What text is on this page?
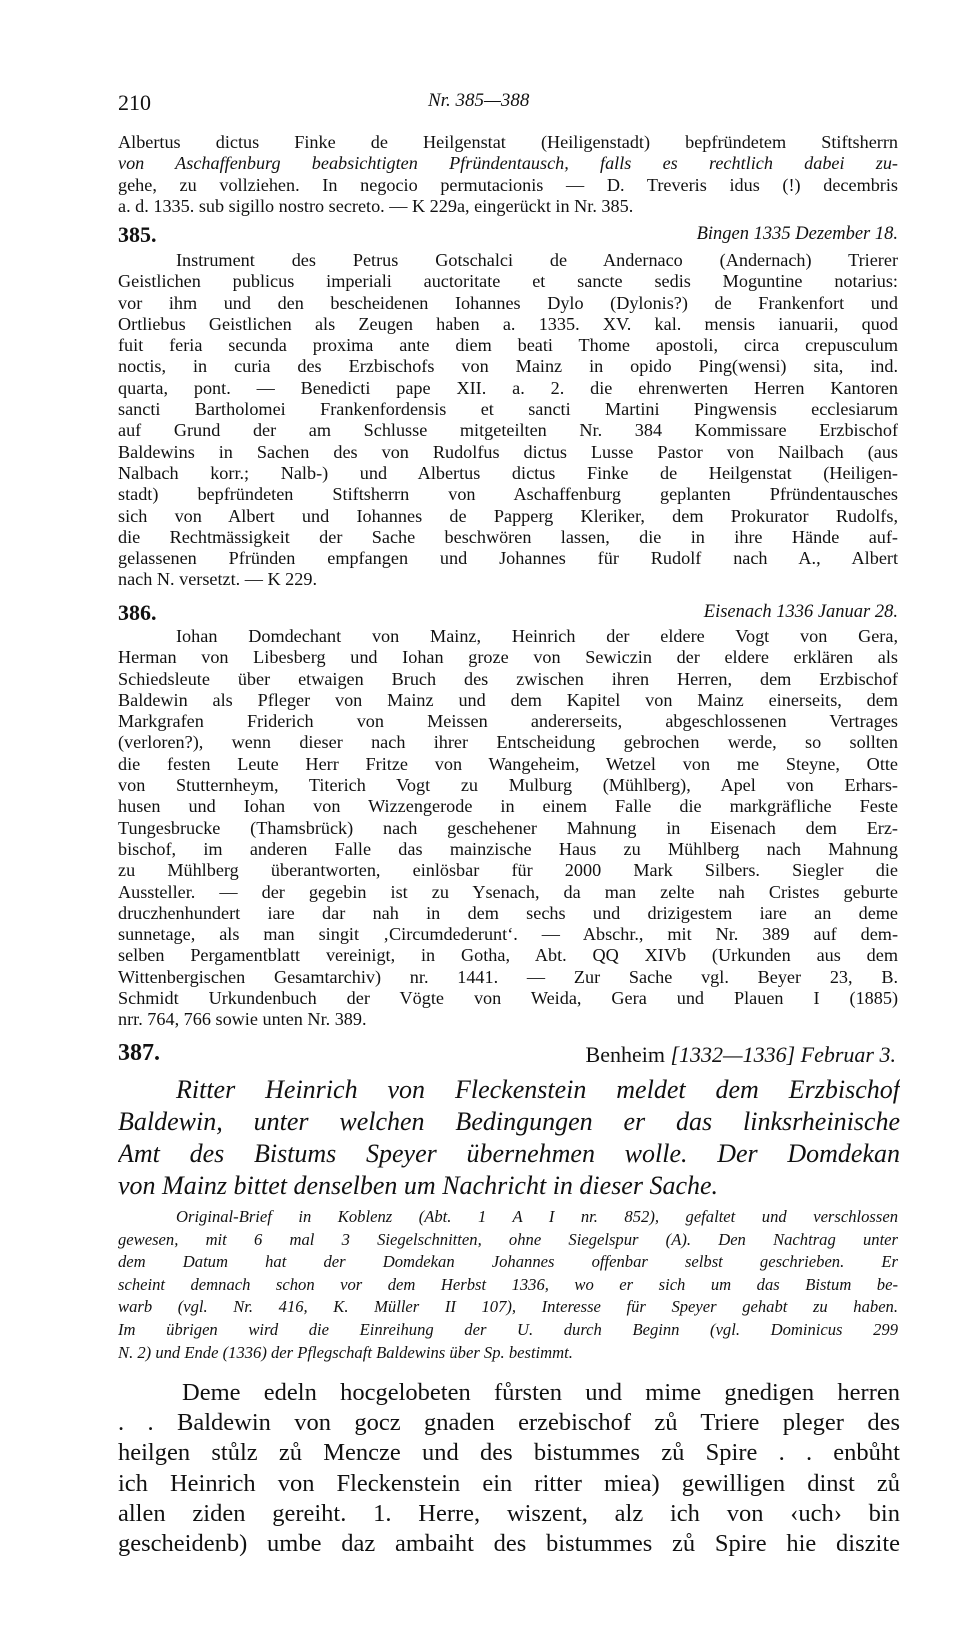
210	Nr. 385—388
Albertus dictus Finke de Heilgenstat (Heiligenstadt) bepfründetem Stiftsherrn
von Aschaffenburg beabsichtigten Pfründentausch, falls es rechtlich dabei zu-
gehe, zu vollziehen. In negocio permutacionis — D. Treveris idus (!) decembris
a. d. 1335. sub sigillo nostro secreto. — K 229a, eingerückt in Nr. 385.
385.	Bingen 1335 Dezember 18.
Instrument des Petrus Gotschalci de Andernaco (Andernach) Trierer
Geistlichen publicus imperiali auctoritate et sancte sedis Moguntine notarius:
vor ihm und den bescheidenen Iohannes Dylo (Dylonis?) de Frankenfort und
Ortliebus Geistlichen als Zeugen haben a. 1335. XV. kal. mensis ianuarii, quod
fuit feria secunda proxima ante diem beati Thome apostoli, circa crepusculum
noctis, in curia des Erzbischofs von Mainz in opido Ping(wensi) sita, ind.
quarta, pont. — Benedicti pape XII. a. 2. die ehrenwerten Herren Kantoren
sancti Bartholomei Frankenfordensis et sancti Martini Pingwensis ecclesiarum
auf Grund der am Schlusse mitgeteilten Nr. 384 Kommissare Erzbischof
Baldewins in Sachen des von Rudolfus dictus Lusse Pastor von Nailbach (aus
Nalbach korr.; Nalb-) und Albertus dictus Finke de Heilgenstat (Heiligen-
stadt) bepfründeten Stiftsherrn von Aschaffenburg geplanten Pfründentausches
sich von Albert und Iohannes de Papperg Kleriker, dem Prokurator Rudolfs,
die Rechtmässigkeit der Sache beschwören lassen, die in ihre Hände auf-
gelassenen Pfründen empfangen und Johannes für Rudolf nach A., Albert
nach N. versetzt. — K 229.
386.	Eisenach 1336 Januar 28.
Iohan Domdechant von Mainz, Heinrich der eldere Vogt von Gera,
Herman von Libesberg und Iohan groze von Sewiczin der eldere erklären als
Schiedsleute über etwaigen Bruch des zwischen ihren Herren, dem Erzbischof
Baldewin als Pfleger von Mainz und dem Kapitel von Mainz einerseits, dem
Markgrafen Friderich von Meissen andererseits, abgeschlossenen Vertrages
(verloren?), wenn dieser nach ihrer Entscheidung gebrochen werde, so sollten
die festen Leute Herr Fritze von Wangeheim, Wetzel von me Steyne, Otte
von Stutternheym, Titerich Vogt zu Mulburg (Mühlberg), Apel von Erhars-
husen und Iohan von Wizzengerode in einem Falle die markgräfliche Feste
Tungesbrucke (Thamsbrück) nach geschehener Mahnung in Eisenach dem Erz-
bischof, im anderen Falle das mainzische Haus zu Mühlberg nach Mahnung
zu Mühlberg überantworten, einlösbar für 2000 Mark Silbers. Siegler die
Aussteller. — der gegebin ist zu Ysenach, da man zelte nah Cristes geburte
druczhenhundert iare dar nah in dem sechs und drizigestem iare an deme
sunnetage, als man singit ‚Circumdederunt‘. — Abschr., mit Nr. 389 auf dem-
selben Pergamentblatt vereinigt, in Gotha, Abt. QQ XIVb (Urkunden aus dem
Wittenbergischen Gesamtarchiv) nr. 1441. — Zur Sache vgl. Beyer 23, B.
Schmidt Urkundenbuch der Vögte von Weida, Gera und Plauen I (1885)
nrr. 764, 766 sowie unten Nr. 389.
387.	Benheim [1332—1336] Februar 3.
Ritter Heinrich von Fleckenstein meldet dem Erzbischof
Baldewin, unter welchen Bedingungen er das linksrheinische
Amt des Bistums Speyer übernehmen wolle. Der Domdekan
von Mainz bittet denselben um Nachricht in dieser Sache.
Original-Brief in Koblenz (Abt. 1 A I nr. 852), gefaltet und verschlossen
gewesen, mit 6 mal 3 Siegelschnitten, ohne Siegelspur (A). Den Nachtrag unter
dem Datum hat der Domdekan Johannes offenbar selbst geschrieben. Er
scheint demnach schon vor dem Herbst 1336, wo er sich um das Bistum be-
warb (vgl. Nr. 416, K. Müller II 107), Interesse für Speyer gehabt zu haben.
Im übrigen wird die Einreihung der U. durch Beginn (vgl. Dominicus 299
N. 2) und Ende (1336) der Pflegschaft Baldewins über Sp. bestimmt.
Deme edeln hocgelobeten fůrsten und mime gnedigen herren
. . Baldewin von gocz gnaden erzebischof zů Triere pleger des
heilgen stůlz zů Mencze und des bistummes zů Spire . . enbůht
ich Heinrich von Fleckenstein ein ritter miea) gewilligen dinst zů
allen ziden gereiht. 1. Herre, wiszent, alz ich von ‹uch› bin
gescheidenb) umbe daz ambaiht des bistummes zů Spire hie diszite
